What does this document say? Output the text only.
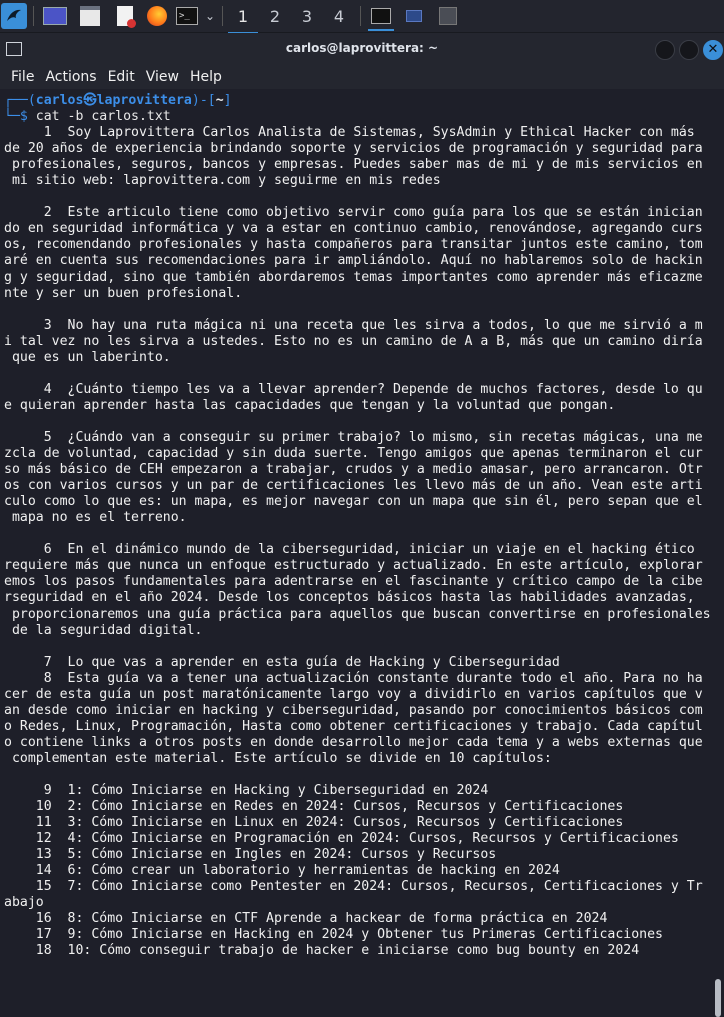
>_	⌄	1	2	3	4
carlos@laprovittera: ~	✕
File Actions Edit View Help
┌──(carlos㉿laprovittera)-[~]
└─$ cat -b carlos.txt
1  Soy Laprovittera Carlos Analista de Sistemas, SysAdmin y Ethical Hacker con más
de 20 años de experiencia brindando soporte y servicios de programación y seguridad para
profesionales, seguros, bancos y empresas. Puedes saber mas de mi y de mis servicios en
mi sitio web: laprovittera.com y seguirme en mis redes

2  Este articulo tiene como objetivo servir como guía para los que se están inician
do en seguridad informática y va a estar en continuo cambio, renovándose, agregando curs
os, recomendando profesionales y hasta compañeros para transitar juntos este camino, tom
aré en cuenta sus recomendaciones para ir ampliándolo. Aquí no hablaremos solo de hackin
g y seguridad, sino que también abordaremos temas importantes como aprender más eficazme
nte y ser un buen profesional.

3  No hay una ruta mágica ni una receta que les sirva a todos, lo que me sirvió a m
i tal vez no les sirva a ustedes. Esto no es un camino de A a B, más que un camino diría
que es un laberinto.

4  ¿Cuánto tiempo les va a llevar aprender? Depende de muchos factores, desde lo qu
e quieran aprender hasta las capacidades que tengan y la voluntad que pongan.

5  ¿Cuándo van a conseguir su primer trabajo? lo mismo, sin recetas mágicas, una me
zcla de voluntad, capacidad y sin duda suerte. Tengo amigos que apenas terminaron el cur
so más básico de CEH empezaron a trabajar, crudos y a medio amasar, pero arrancaron. Otr
os con varios cursos y un par de certificaciones les llevo más de un año. Vean este arti
culo como lo que es: un mapa, es mejor navegar con un mapa que sin él, pero sepan que el
mapa no es el terreno.

6  En el dinámico mundo de la ciberseguridad, iniciar un viaje en el hacking ético
requiere más que nunca un enfoque estructurado y actualizado. En este artículo, explorar
emos los pasos fundamentales para adentrarse en el fascinante y crítico campo de la cibe
rseguridad en el año 2024. Desde los conceptos básicos hasta las habilidades avanzadas,
proporcionaremos una guía práctica para aquellos que buscan convertirse en profesionales
de la seguridad digital.

7  Lo que vas a aprender en esta guía de Hacking y Ciberseguridad
8  Esta guía va a tener una actualización constante durante todo el año. Para no ha
cer de esta guía un post maratónicamente largo voy a dividirlo en varios capítulos que v
an desde como iniciar en hacking y ciberseguridad, pasando por conocimientos básicos com
o Redes, Linux, Programación, Hasta como obtener certificaciones y trabajo. Cada capítul
o contiene links a otros posts en donde desarrollo mejor cada tema y a webs externas que
complementan este material. Este artículo se divide en 10 capítulos:

9  1: Cómo Iniciarse en Hacking y Ciberseguridad en 2024
10  2: Cómo Iniciarse en Redes en 2024: Cursos, Recursos y Certificaciones
11  3: Cómo Iniciarse en Linux en 2024: Cursos, Recursos y Certificaciones
12  4: Cómo Iniciarse en Programación en 2024: Cursos, Recursos y Certificaciones
13  5: Cómo Iniciarse en Ingles en 2024: Cursos y Recursos
14  6: Cómo crear un laboratorio y herramientas de hacking en 2024
15  7: Cómo Iniciarse como Pentester en 2024: Cursos, Recursos, Certificaciones y Tr
abajo
16  8: Cómo Iniciarse en CTF Aprende a hackear de forma práctica en 2024
17  9: Cómo Iniciarse en Hacking en 2024 y Obtener tus Primeras Certificaciones
18  10: Cómo conseguir trabajo de hacker e iniciarse como bug bounty en 2024
